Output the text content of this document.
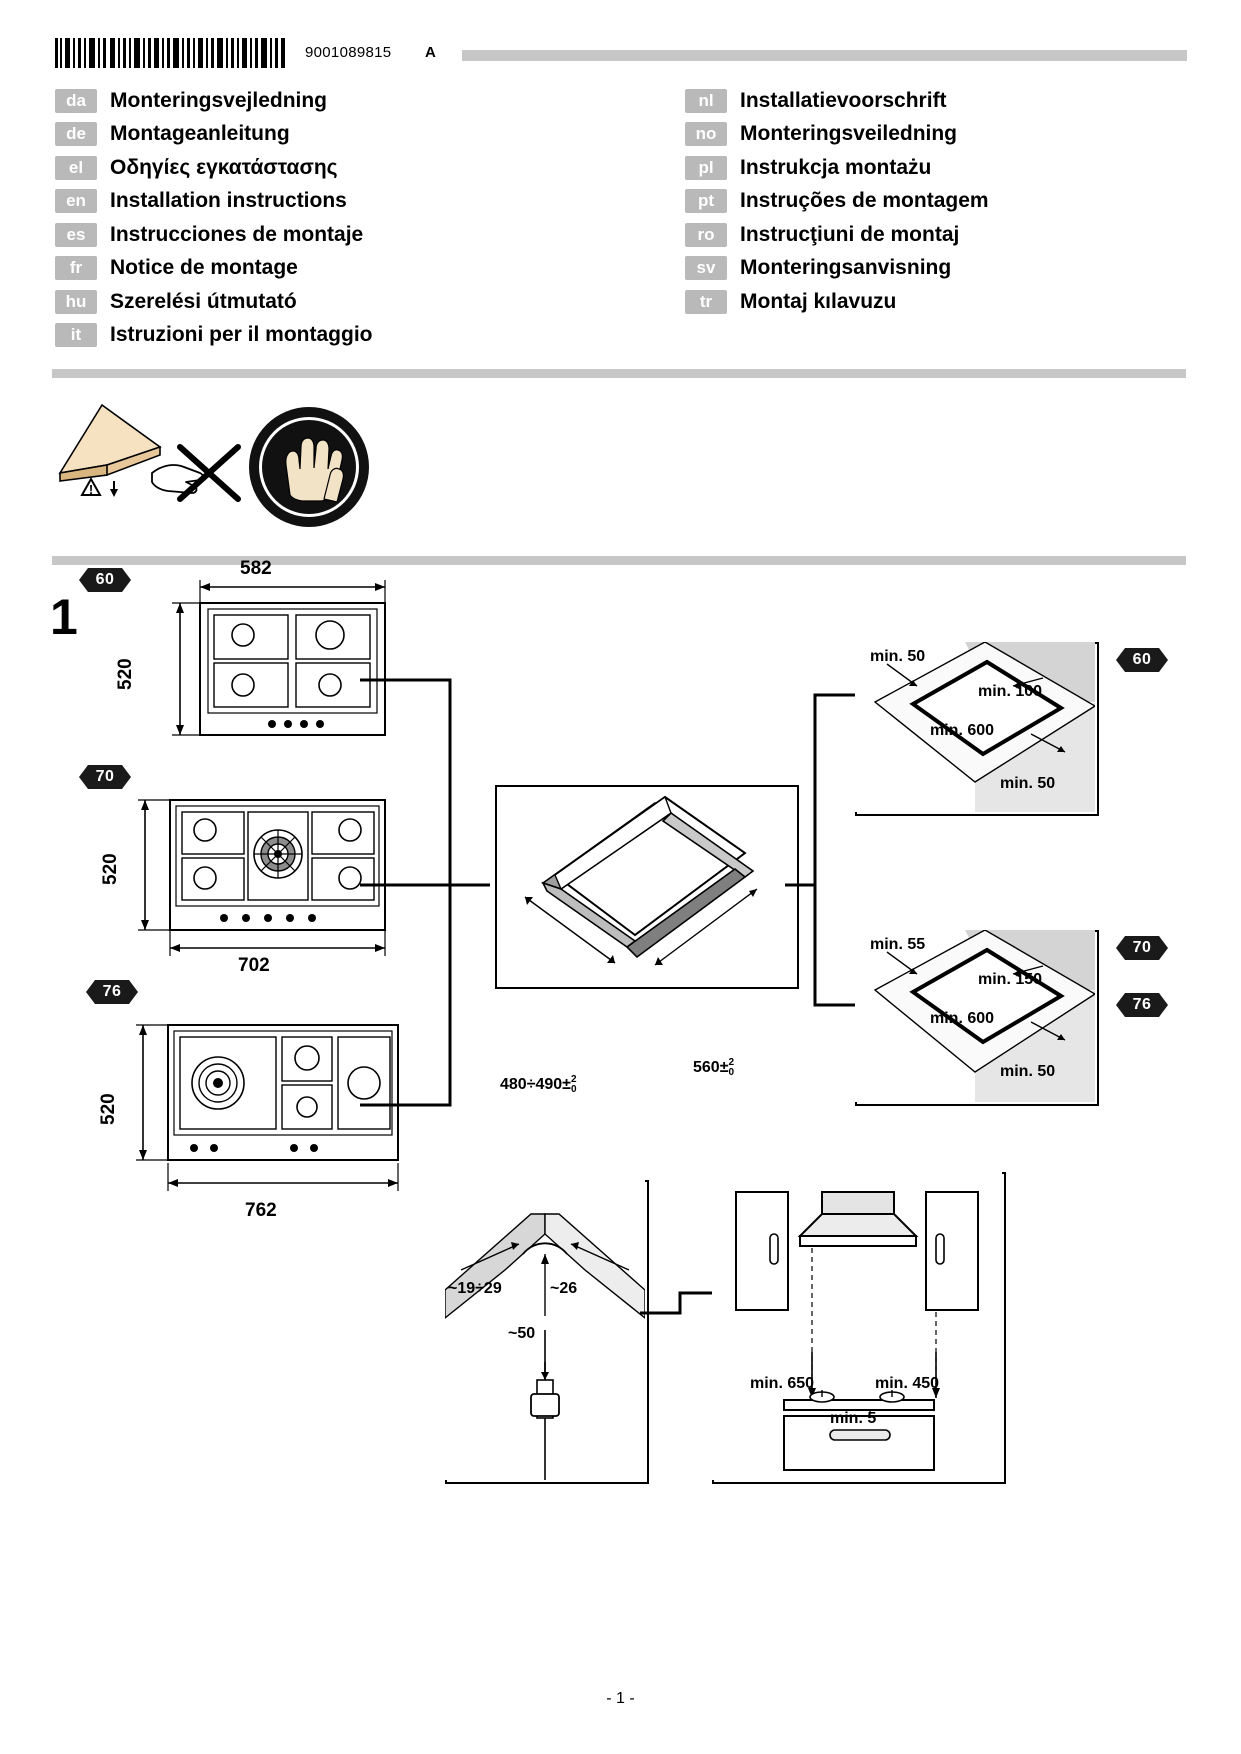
9001089815 A
da	Monteringsvejledning
de	Montageanleitung
el	Οδηγίες εγκατάστασης
en	Installation instructions
es	Instrucciones de montaje
fr	Notice de montage
hu	Szerelési útmutató
it	Istruzioni per il montaggio
nl	Installatievoorschrift
no	Monteringsveiledning
pl	Instrukcja montażu
pt	Instruções de montagem
ro	Instrucţiuni de montaj
sv	Monteringsanvisning
tr	Montaj kılavuzu
!
1
60
582
520
70
702
520
76
762
520
480÷490± 2
0
560± 2
0
min. 50
min. 100
min. 600
min. 50
60
min. 55
min. 150
min. 600
min. 50
70
76
~19÷29	~26
~50
min. 650	min. 450
min. 5
- 1 -
